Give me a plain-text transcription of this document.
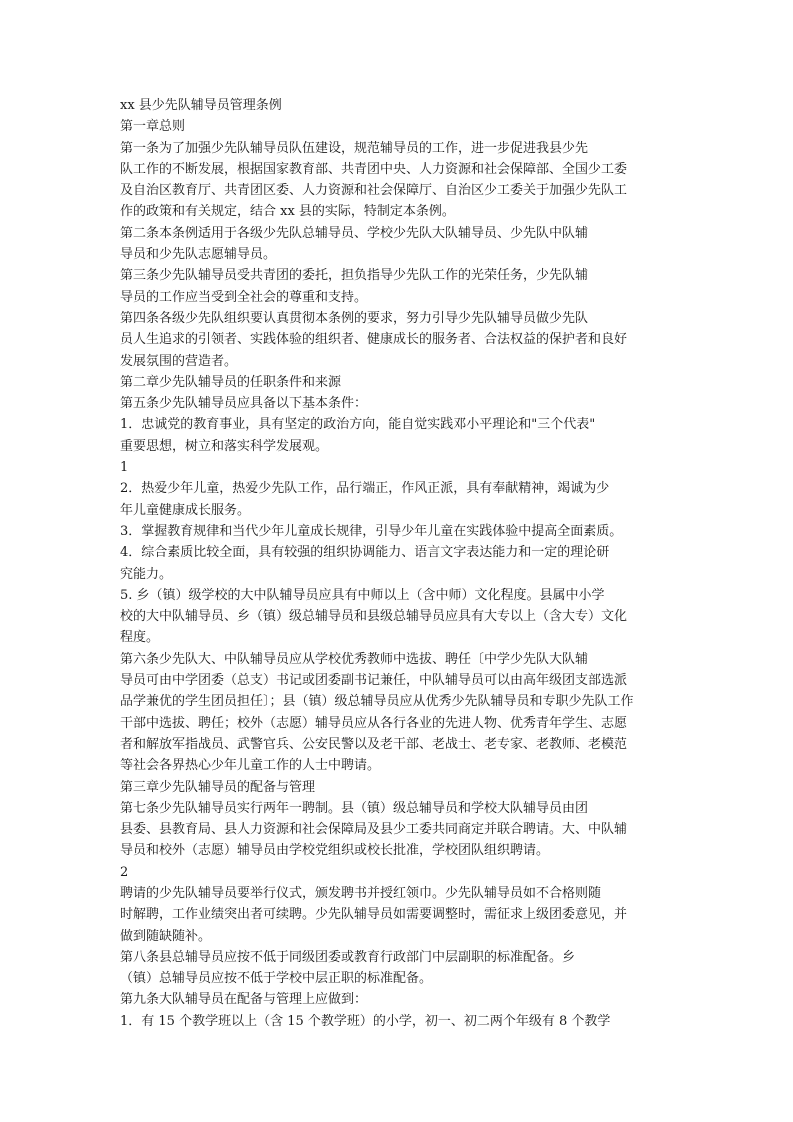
xx 县少先队辅导员管理条例
第一章总则
第一条为了加强少先队辅导员队伍建设，规范辅导员的工作，进一步促进我县少先
队工作的不断发展，根据国家教育部、共青团中央、人力资源和社会保障部、全国少工委
及自治区教育厅、共青团区委、人力资源和社会保障厅、自治区少工委关于加强少先队工
作的政策和有关规定，结合 xx 县的实际，特制定本条例。
第二条本条例适用于各级少先队总辅导员、学校少先队大队辅导员、少先队中队辅
导员和少先队志愿辅导员。
第三条少先队辅导员受共青团的委托，担负指导少先队工作的光荣任务，少先队辅
导员的工作应当受到全社会的尊重和支持。
第四条各级少先队组织要认真贯彻本条例的要求，努力引导少先队辅导员做少先队
员人生追求的引领者、实践体验的组织者、健康成长的服务者、合法权益的保护者和良好
发展氛围的营造者。
第二章少先队辅导员的任职条件和来源
第五条少先队辅导员应具备以下基本条件：
1．忠诚党的教育事业，具有坚定的政治方向，能自觉实践邓小平理论和"三个代表"
重要思想，树立和落实科学发展观。
1
2．热爱少年儿童，热爱少先队工作，品行端正，作风正派，具有奉献精神，竭诚为少
年儿童健康成长服务。
3．掌握教育规律和当代少年儿童成长规律，引导少年儿童在实践体验中提高全面素质。
4．综合素质比较全面，具有较强的组织协调能力、语言文字表达能力和一定的理论研
究能力。
5. 乡（镇）级学校的大中队辅导员应具有中师以上（含中师）文化程度。县属中小学
校的大中队辅导员、乡（镇）级总辅导员和县级总辅导员应具有大专以上（含大专）文化
程度。
第六条少先队大、中队辅导员应从学校优秀教师中选拔、聘任〔中学少先队大队辅
导员可由中学团委（总支）书记或团委副书记兼任，中队辅导员可以由高年级团支部选派
品学兼优的学生团员担任〕；县（镇）级总辅导员应从优秀少先队辅导员和专职少先队工作
干部中选拔、聘任；校外（志愿）辅导员应从各行各业的先进人物、优秀青年学生、志愿
者和解放军指战员、武警官兵、公安民警以及老干部、老战士、老专家、老教师、老模范
等社会各界热心少年儿童工作的人士中聘请。
第三章少先队辅导员的配备与管理
第七条少先队辅导员实行两年一聘制。县（镇）级总辅导员和学校大队辅导员由团
县委、县教育局、县人力资源和社会保障局及县少工委共同商定并联合聘请。大、中队辅
导员和校外（志愿）辅导员由学校党组织或校长批准，学校团队组织聘请。
2
聘请的少先队辅导员要举行仪式，颁发聘书并授红领巾。少先队辅导员如不合格则随
时解聘，工作业绩突出者可续聘。少先队辅导员如需要调整时，需征求上级团委意见，并
做到随缺随补。
第八条县总辅导员应按不低于同级团委或教育行政部门中层副职的标准配备。乡
（镇）总辅导员应按不低于学校中层正职的标准配备。
第九条大队辅导员在配备与管理上应做到：
1．有 15 个教学班以上（含 15 个教学班）的小学，初一、初二两个年级有 8 个教学
